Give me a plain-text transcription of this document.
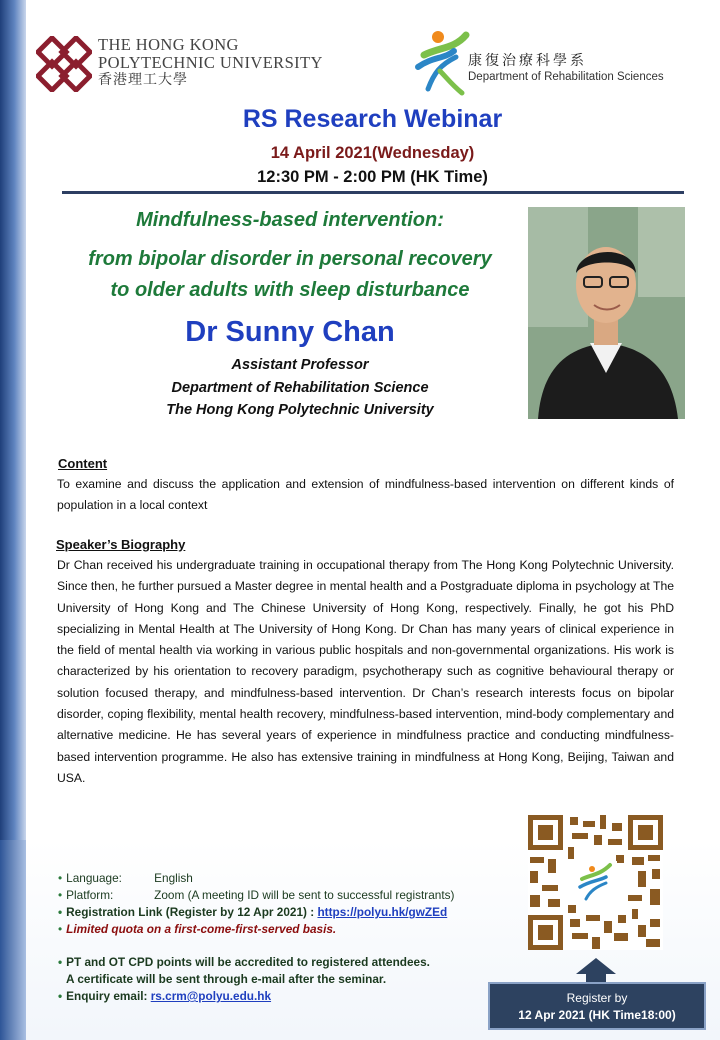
THE HONG KONG
POLYTECHNIC UNIVERSITY
香港理工大學
康復治療科學系
Department of Rehabilitation Sciences
RS Research Webinar
14 April 2021(Wednesday)
12:30 PM - 2:00 PM (HK Time)
Mindfulness-based intervention:
from bipolar disorder in personal recovery
to older adults with sleep disturbance
Dr Sunny Chan
Assistant Professor
Department of Rehabilitation Science
The Hong Kong Polytechnic University
Content
To examine and discuss the application and extension of mindfulness-based intervention on different kinds of population in a local context
Speaker’s Biography
Dr Chan received his undergraduate training in occupational therapy from The Hong Kong Polytechnic University. Since then, he further pursued a Master degree in mental health and a Postgraduate diploma in psychology at The University of Hong Kong and The Chinese University of Hong Kong, respectively. Finally, he got his PhD specializing in Mental Health at The University of Hong Kong. Dr Chan has many years of clinical experience in the field of mental health via working in various public hospitals and non-governmental organizations. His work is characterized by his orientation to recovery paradigm, psychotherapy such as cognitive behavioural therapy or solution focused therapy, and mindfulness-based intervention. Dr Chan’s research interests focus on bipolar disorder, coping flexibility, mental health recovery, mindfulness-based intervention, mind-body complementary and alternative medicine. He has several years of experience in mindfulness practice and conducting mindfulness-based intervention programme. He also has extensive training in mindfulness at Hong Kong, Beijing, Taiwan and USA.
• Language:	English
• Platform:	Zoom (A meeting ID will be sent to successful registrants)
• Registration Link (Register by 12 Apr 2021) : https://polyu.hk/gwZEd
• Limited quota on a first-come-first-served basis.
• PT and OT CPD points will be accredited to registered attendees.
A certificate will be sent through e-mail after the seminar.
• Enquiry email: rs.crm@polyu.edu.hk	Register by
12 Apr 2021 (HK Time18:00)
